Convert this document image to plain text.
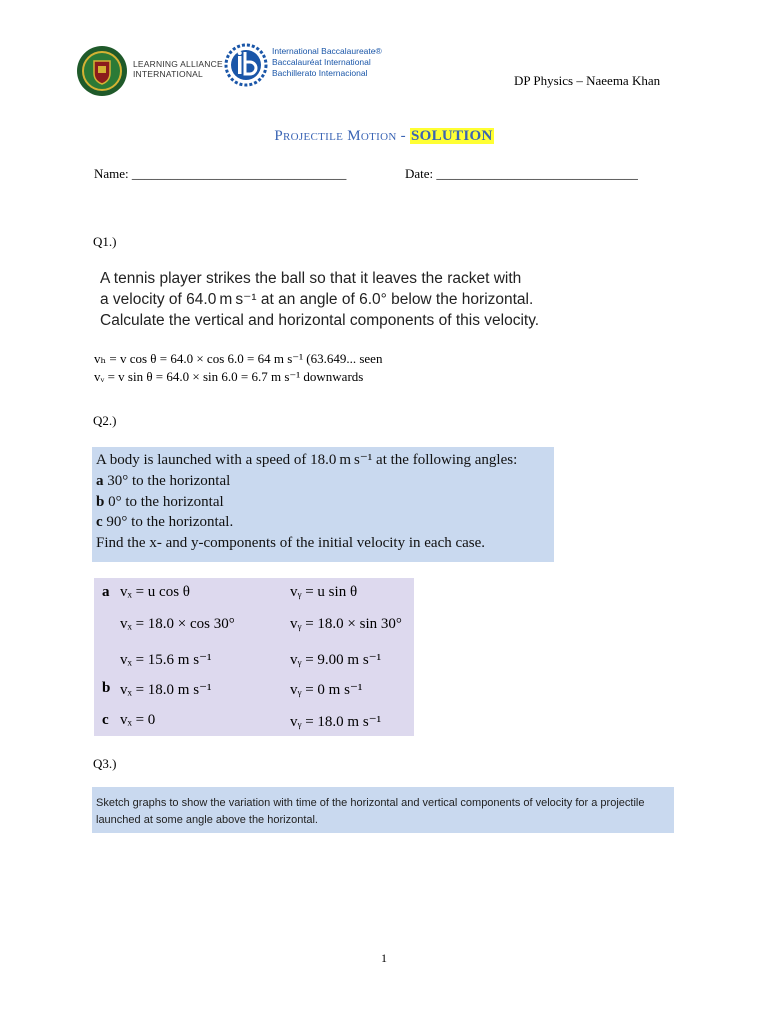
LEARNING ALLIANCE
INTERNATIONAL
International Baccalaureate®
Baccalauréat International
Bachillerato Internacional	DP Physics – Naeema Khan
Projectile Motion - SOLUTION
Name: _________________________________	Date: _______________________________
Q1.)
A tennis player strikes the ball so that it leaves the racket with
a velocity of 64.0 m s⁻¹ at an angle of 6.0° below the horizontal.
Calculate the vertical and horizontal components of this velocity.
vₕ = v cos θ = 64.0 × cos 6.0 = 64 m s⁻¹ (63.649... seen
vᵥ = v sin θ = 64.0 × sin 6.0 = 6.7 m s⁻¹ downwards
Q2.)
A body is launched with a speed of 18.0 m s⁻¹ at the following angles:
a 30° to the horizontal
b 0° to the horizontal
c 90° to the horizontal.
Find the x- and y-components of the initial velocity in each case.
a vₓ = u cos θ	vᵧ = u sin θ
vₓ = 18.0 × cos 30°	vᵧ = 18.0 × sin 30°
vₓ = 15.6 m s⁻¹	vᵧ = 9.00 m s⁻¹
b vₓ = 18.0 m s⁻¹	vᵧ = 0 m s⁻¹
c vₓ = 0	vᵧ = 18.0 m s⁻¹
Q3.)
Sketch graphs to show the variation with time of the horizontal and vertical components of velocity for a projectile launched at some angle above the horizontal.
1
